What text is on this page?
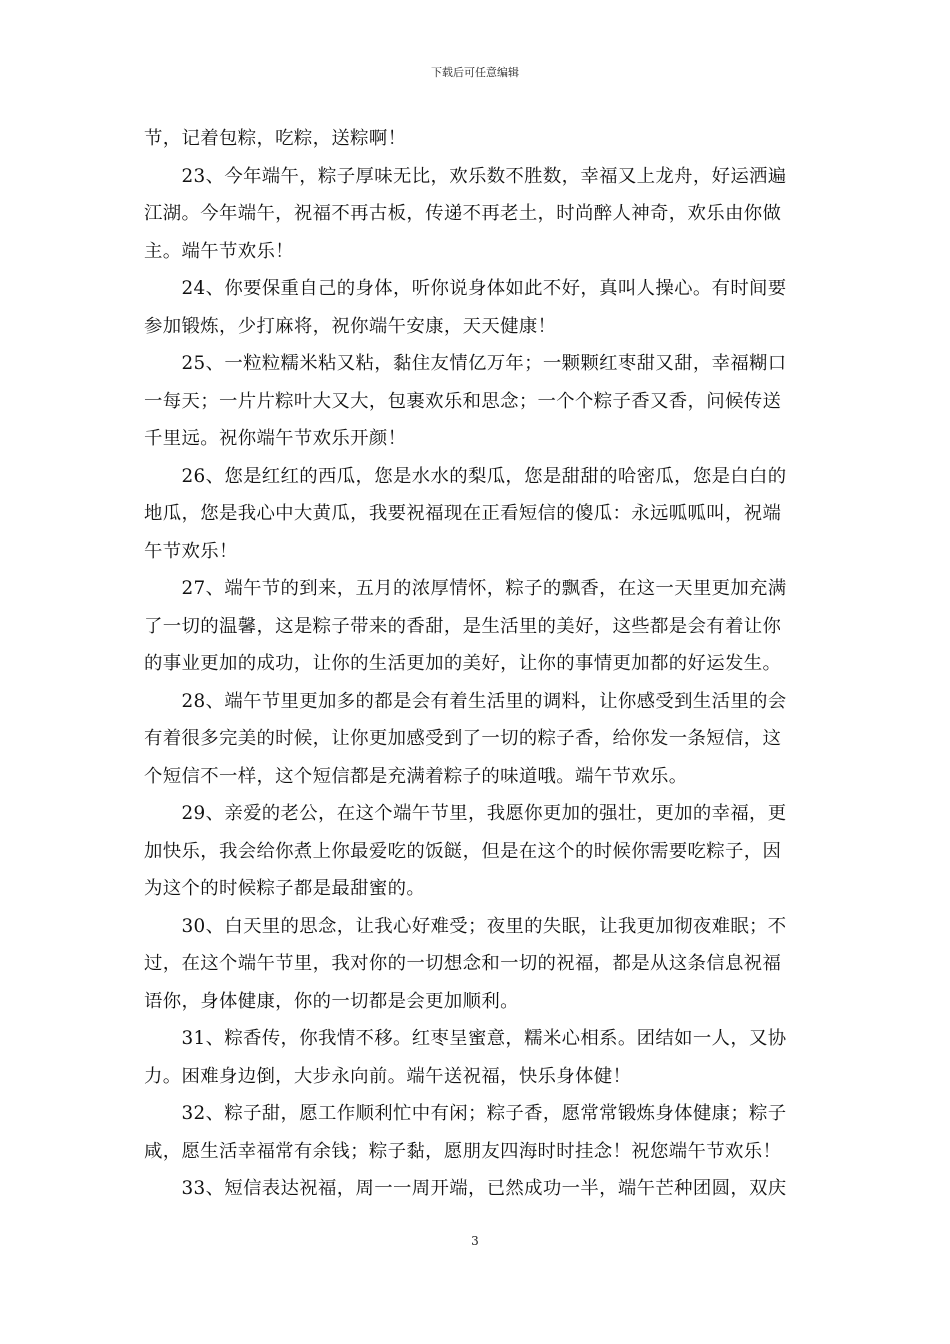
下载后可任意编辑
节，记着包粽，吃粽，送粽啊！
　　23、今年端午，粽子厚味无比，欢乐数不胜数，幸福又上龙舟，好运洒遍
江湖。今年端午，祝福不再古板，传递不再老土，时尚醉人神奇，欢乐由你做
主。端午节欢乐！
　　24、你要保重自己的身体，听你说身体如此不好，真叫人操心。有时间要
参加锻炼，少打麻将，祝你端午安康，天天健康！
　　25、一粒粒糯米粘又粘，黏住友情亿万年；一颗颗红枣甜又甜，幸福糊口
一每天；一片片粽叶大又大，包裹欢乐和思念；一个个粽子香又香，问候传送
千里远。祝你端午节欢乐开颜！
　　26、您是红红的西瓜，您是水水的梨瓜，您是甜甜的哈密瓜，您是白白的
地瓜，您是我心中大黄瓜，我要祝福现在正看短信的傻瓜：永远呱呱叫，祝端
午节欢乐！
　　27、端午节的到来，五月的浓厚情怀，粽子的飘香，在这一天里更加充满
了一切的温馨，这是粽子带来的香甜，是生活里的美好，这些都是会有着让你
的事业更加的成功，让你的生活更加的美好，让你的事情更加都的好运发生。
　　28、端午节里更加多的都是会有着生活里的调料，让你感受到生活里的会
有着很多完美的时候，让你更加感受到了一切的粽子香，给你发一条短信，这
个短信不一样，这个短信都是充满着粽子的味道哦。端午节欢乐。
　　29、亲爱的老公，在这个端午节里，我愿你更加的强壮，更加的幸福，更
加快乐，我会给你煮上你最爱吃的饭餸，但是在这个的时候你需要吃粽子，因
为这个的时候粽子都是最甜蜜的。
　　30、白天里的思念，让我心好难受；夜里的失眠，让我更加彻夜难眠；不
过，在这个端午节里，我对你的一切想念和一切的祝福，都是从这条信息祝福
语你，身体健康，你的一切都是会更加顺利。
　　31、粽香传，你我情不移。红枣呈蜜意，糯米心相系。团结如一人，又协
力。困难身边倒，大步永向前。端午送祝福，快乐身体健！
　　32、粽子甜，愿工作顺利忙中有闲；粽子香，愿常常锻炼身体健康；粽子
咸，愿生活幸福常有余钱；粽子黏，愿朋友四海时时挂念！祝您端午节欢乐！
　　33、短信表达祝福，周一一周开端，已然成功一半，端午芒种团圆，双庆
3
